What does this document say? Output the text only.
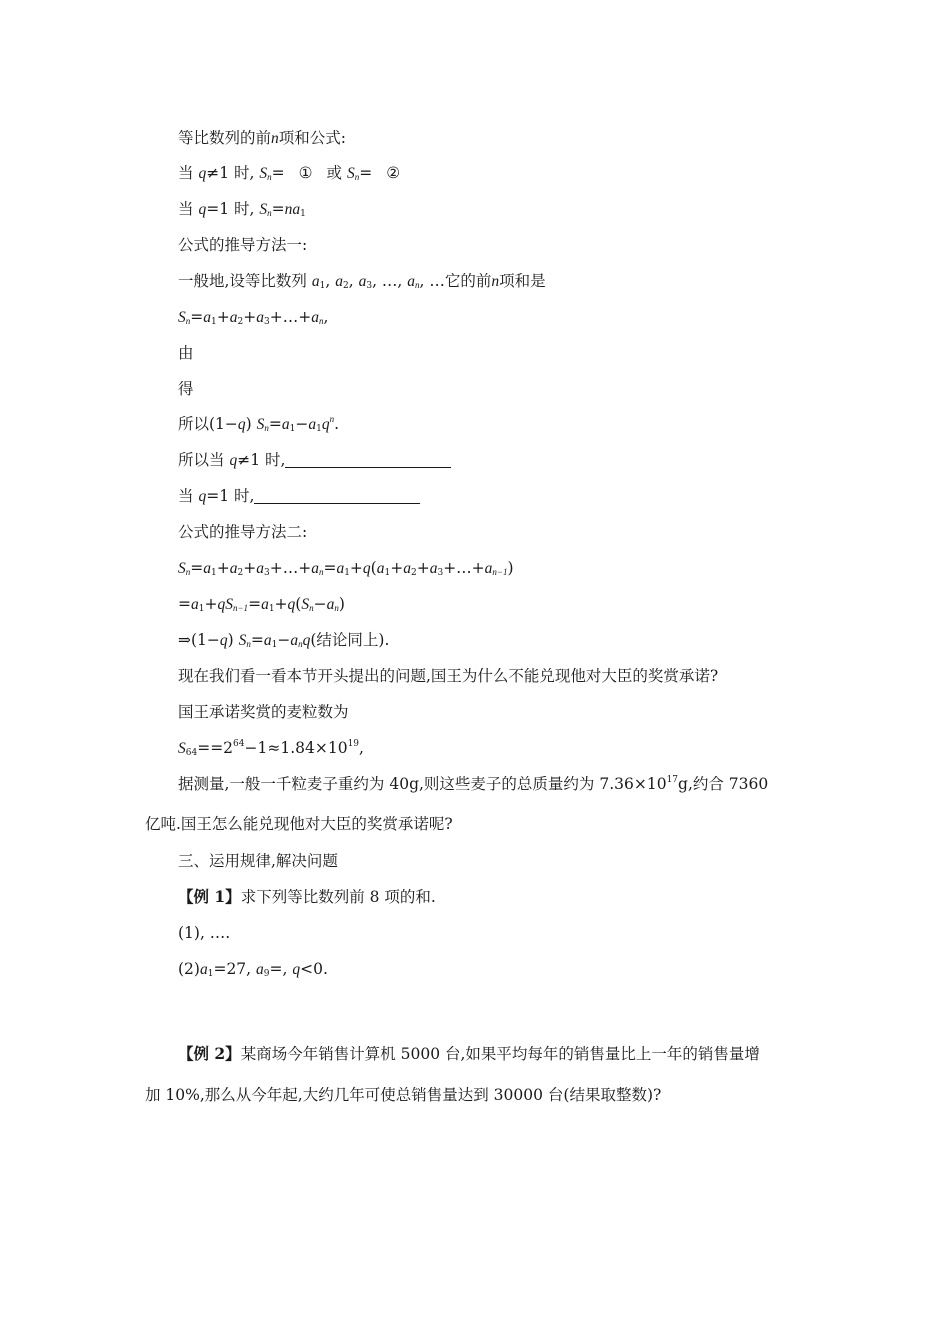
等比数列的前n项和公式:
当 q≠1 时, $S_n=$ ① 或 $S_n=$ ②
当 q=1 时, $S_n=na_1$
公式的推导方法一:
一般地,设等比数列 $a_1$, $a_2$, $a_3$, …, $a_n$, …它的前n项和是
$S_n=a_1+a_2+a_3+\dots+a_n$,
由
得
所以(1−q) $S_n=a_1-a_1q^n$.
所以当 q≠1 时,
当 q=1 时,
公式的推导方法二:
$S_n=a_1+a_2+a_3+\dots+a_n=a_1+q(a_1+a_2+a_3+\dots+a_{n-1})$
$=a_1+qS_{n-1}=a_1+q(S_n-a_n)$
⇒(1−q) $S_n=a_1-a_nq$(结论同上).
现在我们看一看本节开头提出的问题,国王为什么不能兑现他对大臣的奖赏承诺?
国王承诺奖赏的麦粒数为
$S_{64}==2^{64}-1\approx 1.84\times 10^{19}$,
据测量,一般一千粒麦子重约为 40g,则这些麦子的总质量约为 $7.36\times 10^{17}g$,约合 7360
亿吨.国王怎么能兑现他对大臣的奖赏承诺呢?
三、运用规律,解决问题
【例 1】求下列等比数列前 8 项的和.
(1), ….
$(2)a_1=27$, $a_9=$, q<0.
【例 2】某商场今年销售计算机 5000 台,如果平均每年的销售量比上一年的销售量增
加 10%,那么从今年起,大约几年可使总销售量达到 30000 台(结果取整数)?
